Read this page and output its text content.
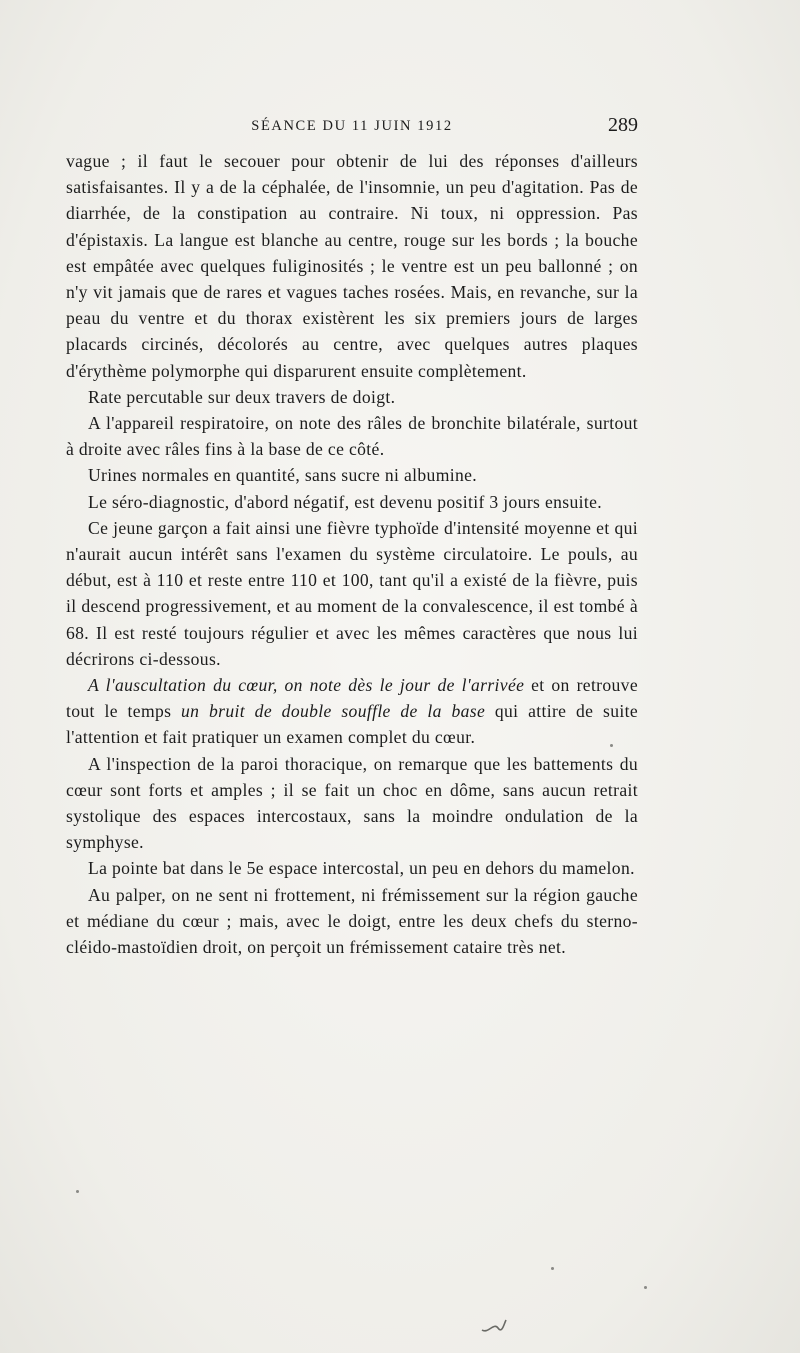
SÉANCE DU 11 JUIN 1912	289

vague ; il faut le secouer pour obtenir de lui des réponses d'ailleurs satisfaisantes. Il y a de la céphalée, de l'insomnie, un peu d'agitation. Pas de diarrhée, de la constipation au contraire. Ni toux, ni oppression. Pas d'épistaxis. La langue est blanche au centre, rouge sur les bords ; la bouche est empâtée avec quelques fuliginosités ; le ventre est un peu ballonné ; on n'y vit jamais que de rares et vagues taches rosées. Mais, en revanche, sur la peau du ventre et du thorax existèrent les six premiers jours de larges placards circinés, décolorés au centre, avec quelques autres plaques d'érythème polymorphe qui disparurent ensuite complètement.

Rate percutable sur deux travers de doigt.

A l'appareil respiratoire, on note des râles de bronchite bilatérale, surtout à droite avec râles fins à la base de ce côté.

Urines normales en quantité, sans sucre ni albumine.

Le séro-diagnostic, d'abord négatif, est devenu positif 3 jours ensuite.

Ce jeune garçon a fait ainsi une fièvre typhoïde d'intensité moyenne et qui n'aurait aucun intérêt sans l'examen du système circulatoire. Le pouls, au début, est à 110 et reste entre 110 et 100, tant qu'il a existé de la fièvre, puis il descend progressivement, et au moment de la convalescence, il est tombé à 68. Il est resté toujours régulier et avec les mêmes caractères que nous lui décrirons ci-dessous.

A l'auscultation du cœur, on note dès le jour de l'arrivée et on retrouve tout le temps un bruit de double souffle de la base qui attire de suite l'attention et fait pratiquer un examen complet du cœur.

A l'inspection de la paroi thoracique, on remarque que les battements du cœur sont forts et amples ; il se fait un choc en dôme, sans aucun retrait systolique des espaces intercostaux, sans la moindre ondulation de la symphyse.

La pointe bat dans le 5e espace intercostal, un peu en dehors du mamelon.

Au palper, on ne sent ni frottement, ni frémissement sur la région gauche et médiane du cœur ; mais, avec le doigt, entre les deux chefs du sterno-cléido-mastoïdien droit, on perçoit un frémissement cataire très net.
